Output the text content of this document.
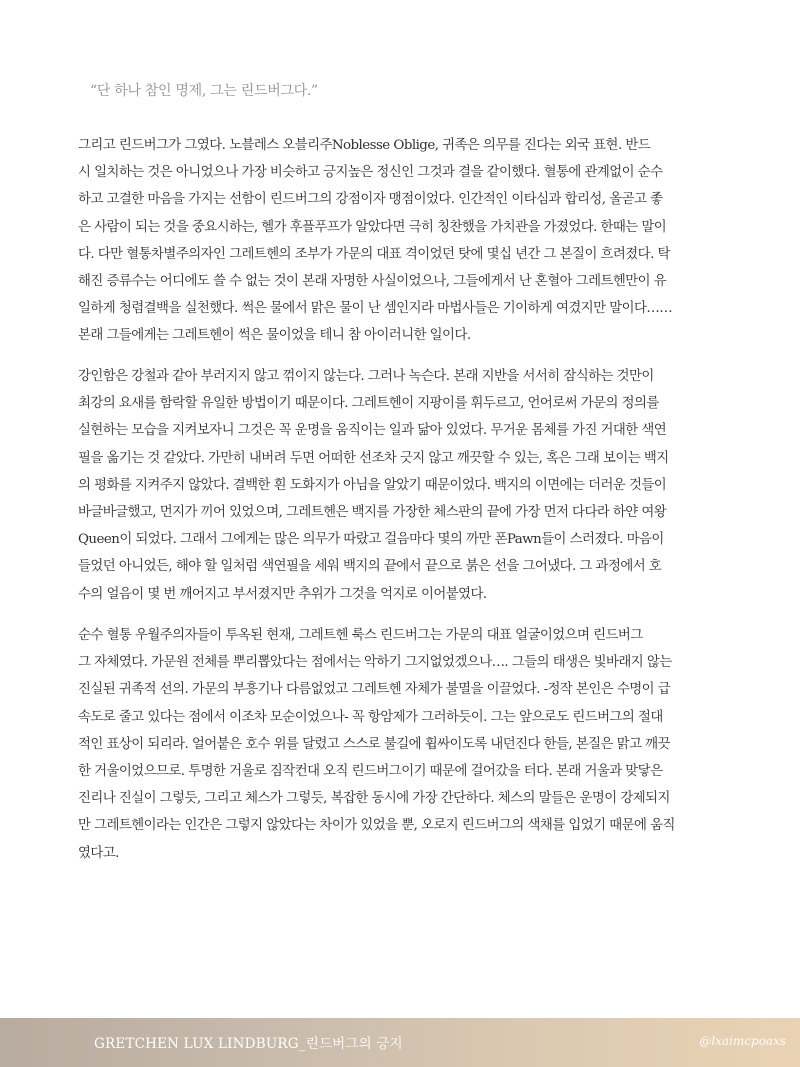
“단 하나 참인 명제, 그는 린드버그다.”
그리고 린드버그가 그였다. 노블레스 오블리주Noblesse Oblige, 귀족은 의무를 진다는 외국 표현. 반드
시 일치하는 것은 아니었으나 가장 비슷하고 긍지높은 정신인 그것과 결을 같이했다. 혈통에 관계없이 순수
하고 고결한 마음을 가지는 선함이 린드버그의 강점이자 맹점이었다. 인간적인 이타심과 합리성, 올곧고 좋
은 사람이 되는 것을 중요시하는, 헬가 후플푸프가 알았다면 극히 칭찬했을 가치관을 가졌었다. 한때는 말이
다. 다만 혈통차별주의자인 그레트헨의 조부가 가문의 대표 격이었던 탓에 몇십 년간 그 본질이 흐려졌다. 탁
해진 증류수는 어디에도 쓸 수 없는 것이 본래 자명한 사실이었으나, 그들에게서 난 혼혈아 그레트헨만이 유
일하게 청렴결백을 실천했다. 썩은 물에서 맑은 물이 난 셈인지라 마법사들은 기이하게 여겼지만 말이다……
본래 그들에게는 그레트헨이 썩은 물이었을 테니 참 아이러니한 일이다.
강인함은 강철과 같아 부러지지 않고 꺾이지 않는다. 그러나 녹슨다. 본래 지반을 서서히 잠식하는 것만이
최강의 요새를 함락할 유일한 방법이기 때문이다. 그레트헨이 지팡이를 휘두르고, 언어로써 가문의 정의를
실현하는 모습을 지켜보자니 그것은 꼭 운명을 움직이는 일과 닮아 있었다. 무거운 몸체를 가진 거대한 색연
필을 옮기는 것 같았다. 가만히 내버려 두면 어떠한 선조차 긋지 않고 깨끗할 수 있는, 혹은 그래 보이는 백지
의 평화를 지켜주지 않았다. 결백한 흰 도화지가 아님을 알았기 때문이었다. 백지의 이면에는 더러운 것들이
바글바글했고, 먼지가 끼어 있었으며, 그레트헨은 백지를 가장한 체스판의 끝에 가장 먼저 다다라 하얀 여왕
Queen이 되었다. 그래서 그에게는 많은 의무가 따랐고 걸음마다 몇의 까만 폰Pawn들이 스러졌다. 마음이
들었던 아니었든, 해야 할 일처럼 색연필을 세워 백지의 끝에서 끝으로 붉은 선을 그어냈다. 그 과정에서 호
수의 얼음이 몇 번 깨어지고 부서졌지만 추위가 그것을 억지로 이어붙였다.
순수 혈통 우월주의자들이 투옥된 현재, 그레트헨 룩스 린드버그는 가문의 대표 얼굴이었으며 린드버그
그 자체였다. 가문원 전체를 뿌리뽑았다는 점에서는 악하기 그지없었겠으나…. 그들의 태생은 빛바래지 않는
진실된 귀족적 선의. 가문의 부흥기나 다름없었고 그레트헨 자체가 불멸을 이끌었다. -정작 본인은 수명이 급
속도로 줄고 있다는 점에서 이조차 모순이었으나- 꼭 항암제가 그러하듯이. 그는 앞으로도 린드버그의 절대
적인 표상이 되리라. 얼어붙은 호수 위를 달렸고 스스로 불길에 휩싸이도록 내던진다 한들, 본질은 맑고 깨끗
한 거울이었으므로. 투명한 거울로 짐작컨대 오직 린드버그이기 때문에 걸어갔을 터다. 본래 거울과 맞닿은
진리나 진실이 그렇듯, 그리고 체스가 그렇듯, 복잡한 동시에 가장 간단하다. 체스의 말들은 운명이 강제되지
만 그레트헨이라는 인간은 그렇지 않았다는 차이가 있었을 뿐, 오로지 린드버그의 색채를 입었기 때문에 움직
였다고.
GRETCHEN LUX LINDBURG_린드버그의 긍지	@lxaimcpoaxs
